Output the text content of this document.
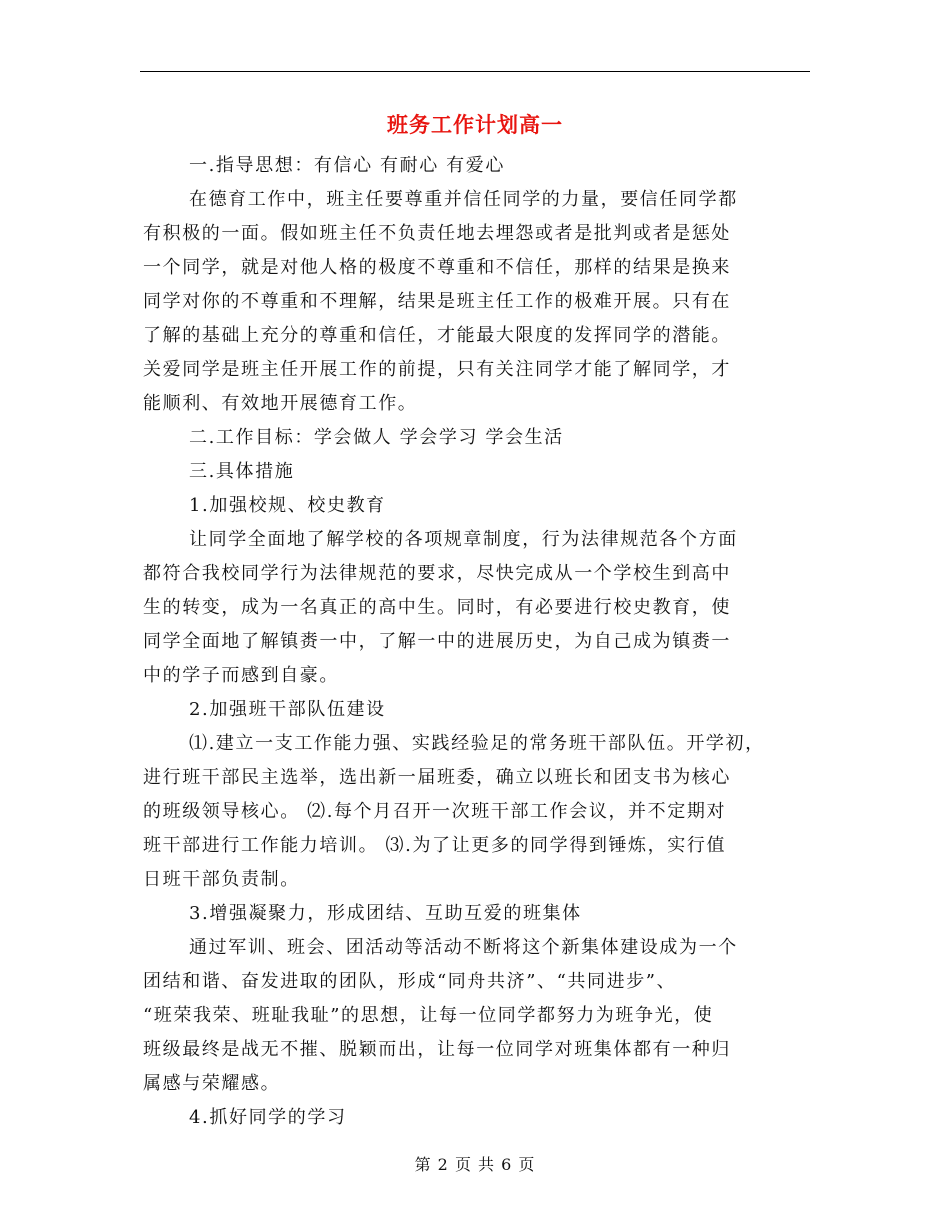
班务工作计划高一
一.指导思想：有信心 有耐心 有爱心
在德育工作中，班主任要尊重并信任同学的力量，要信任同学都
有积极的一面。假如班主任不负责任地去埋怨或者是批判或者是惩处
一个同学，就是对他人格的极度不尊重和不信任，那样的结果是换来
同学对你的不尊重和不理解，结果是班主任工作的极难开展。只有在
了解的基础上充分的尊重和信任，才能最大限度的发挥同学的潜能。
关爱同学是班主任开展工作的前提，只有关注同学才能了解同学，才
能顺利、有效地开展德育工作。
二.工作目标：学会做人 学会学习 学会生活
三.具体措施
1.加强校规、校史教育
让同学全面地了解学校的各项规章制度，行为法律规范各个方面
都符合我校同学行为法律规范的要求，尽快完成从一个学校生到高中
生的转变，成为一名真正的高中生。同时，有必要进行校史教育，使
同学全面地了解镇赉一中，了解一中的进展历史，为自己成为镇赉一
中的学子而感到自豪。
2.加强班干部队伍建设
⑴.建立一支工作能力强、实践经验足的常务班干部队伍。开学初，
进行班干部民主选举，选出新一届班委，确立以班长和团支书为核心
的班级领导核心。 ⑵.每个月召开一次班干部工作会议，并不定期对
班干部进行工作能力培训。 ⑶.为了让更多的同学得到锤炼，实行值
日班干部负责制。
3.增强凝聚力，形成团结、互助互爱的班集体
通过军训、班会、团活动等活动不断将这个新集体建设成为一个
团结和谐、奋发进取的团队，形成“同舟共济”、“共同进步”、
“班荣我荣、班耻我耻”的思想，让每一位同学都努力为班争光，使
班级最终是战无不摧、脱颖而出，让每一位同学对班集体都有一种归
属感与荣耀感。
4.抓好同学的学习
第 2 页 共 6 页
